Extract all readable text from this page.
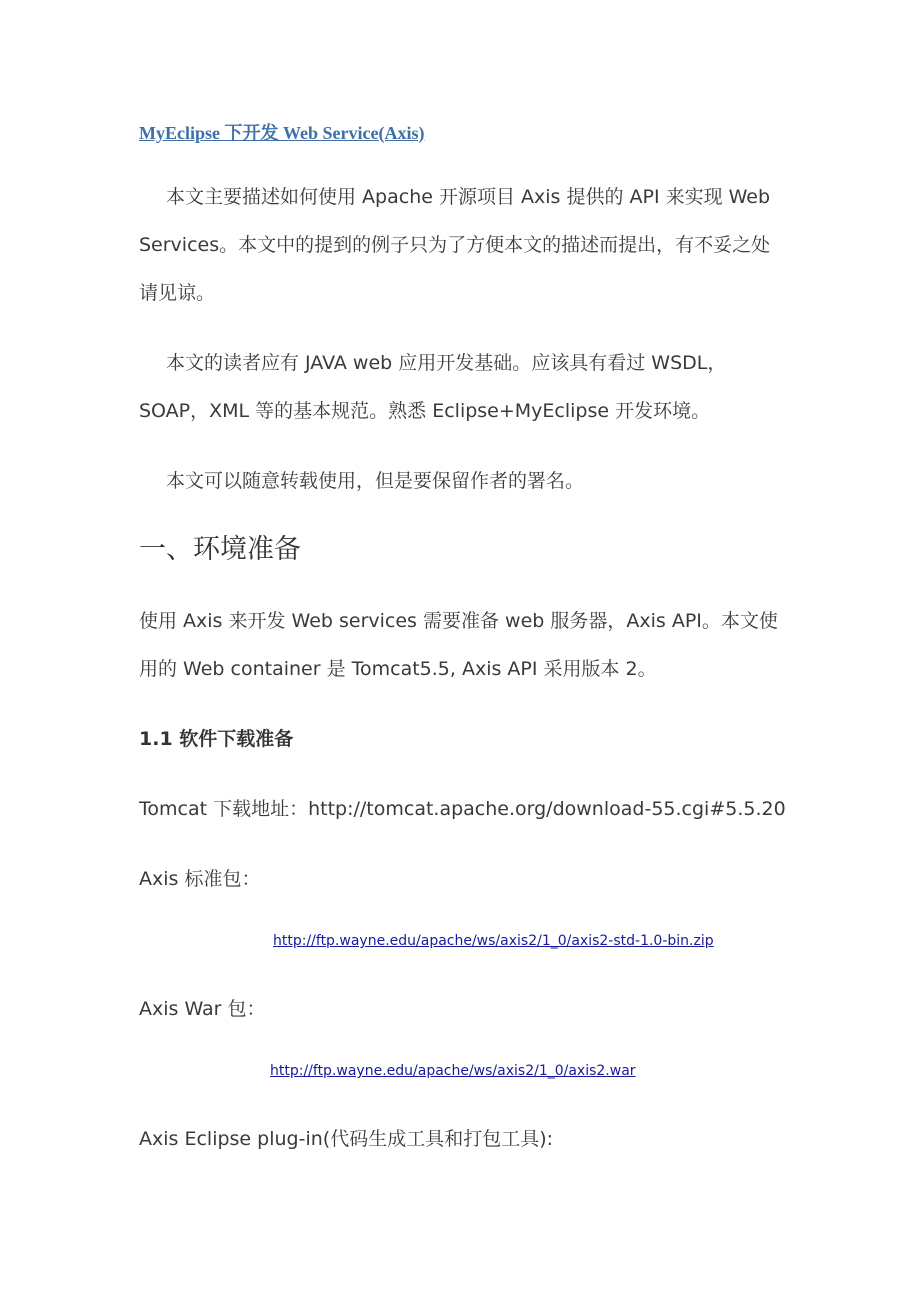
MyEclipse 下开发 Web Service(Axis)

本文主要描述如何使用 Apache 开源项目 Axis 提供的 API 来实现 Web Services。本文中的提到的例子只为了方便本文的描述而提出，有不妥之处请见谅。

本文的读者应有 JAVA web 应用开发基础。应该具有看过 WSDL，SOAP，XML 等的基本规范。熟悉 Eclipse+MyEclipse 开发环境。

本文可以随意转载使用，但是要保留作者的署名。

一、环境准备

使用 Axis 来开发 Web services 需要准备 web 服务器，Axis API。本文使用的 Web container 是 Tomcat5.5, Axis API 采用版本 2。

1.1 软件下载准备
Tomcat 下载地址：http://tomcat.apache.org/download-55.cgi#5.5.20
Axis 标准包：
http://ftp.wayne.edu/apache/ws/axis2/1_0/axis2-std-1.0-bin.zip
Axis War 包：
http://ftp.wayne.edu/apache/ws/axis2/1_0/axis2.war
Axis Eclipse plug-in(代码生成工具和打包工具):
